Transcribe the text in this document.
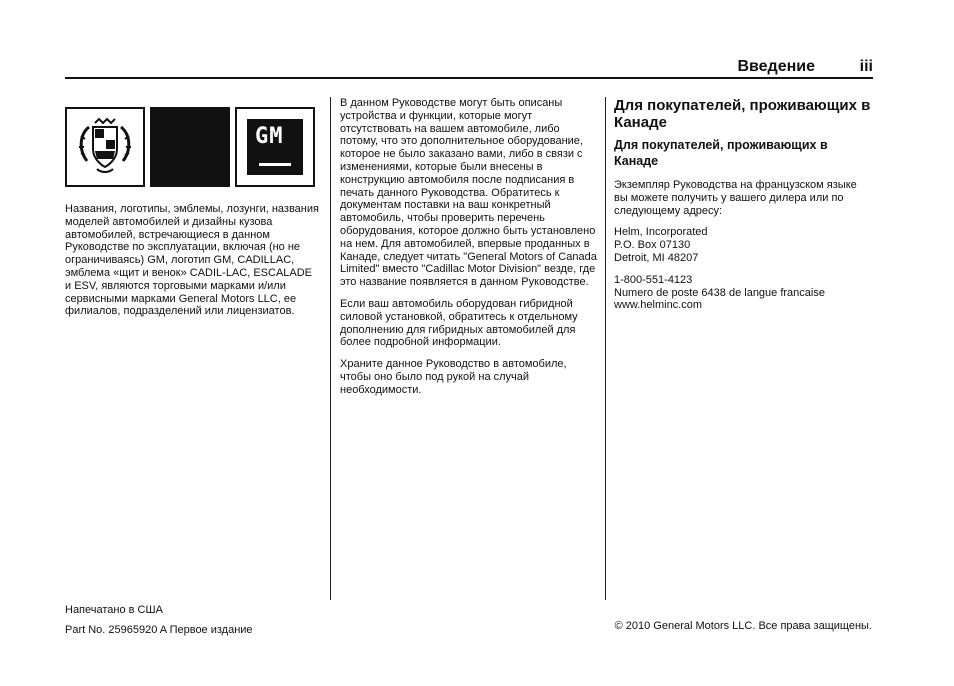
Введение	iii
GM

Названия, логотипы, эмблемы, лозунги, названия моделей автомобилей и дизайны кузова автомобилей, встречающиеся в данном Руководстве по эксплуатации, включая (но не ограничиваясь) GM, логотип GM, CADILLAC, эмблема «щит и венок» CADIL-LAC, ESCALADE и ESV, являются торговыми марками и/или сервисными марками General Motors LLC, ее филиалов, подразделений или лицензиатов.

В данном Руководстве могут быть описаны устройства и функции, которые могут отсутствовать на вашем автомобиле, либо потому, что это дополнительное оборудование, которое не было заказано вами, либо в связи с изменениями, которые были внесены в конструкцию автомобиля после подписания в печать данного Руководства. Обратитесь к документам поставки на ваш конкретный автомобиль, чтобы проверить перечень оборудования, которое должно быть установлено на нем. Для автомобилей, впервые проданных в Канаде, следует читать "General Motors of Canada Limited" вместо "Cadillac Motor Division" везде, где это название появляется в данном Руководстве.

Если ваш автомобиль оборудован гибридной силовой установкой, обратитесь к отдельному дополнению для гибридных автомобилей для более подробной информации.

Храните данное Руководство в автомобиле, чтобы оно было под рукой на случай необходимости.

Для покупателей, проживающих в Канаде
Для покупателей, проживающих в Канаде

Экземпляр Руководства на французском языке вы можете получить у вашего дилера или по следующему адресу:

Helm, Incorporated
P.O. Box 07130
Detroit, MI 48207
1-800-551-4123
Numero de poste 6438 de langue francaise
www.helminc.com
Напечатано в США
Part No. 25965920 A Первое издание	© 2010 General Motors LLC. Все права защищены.
